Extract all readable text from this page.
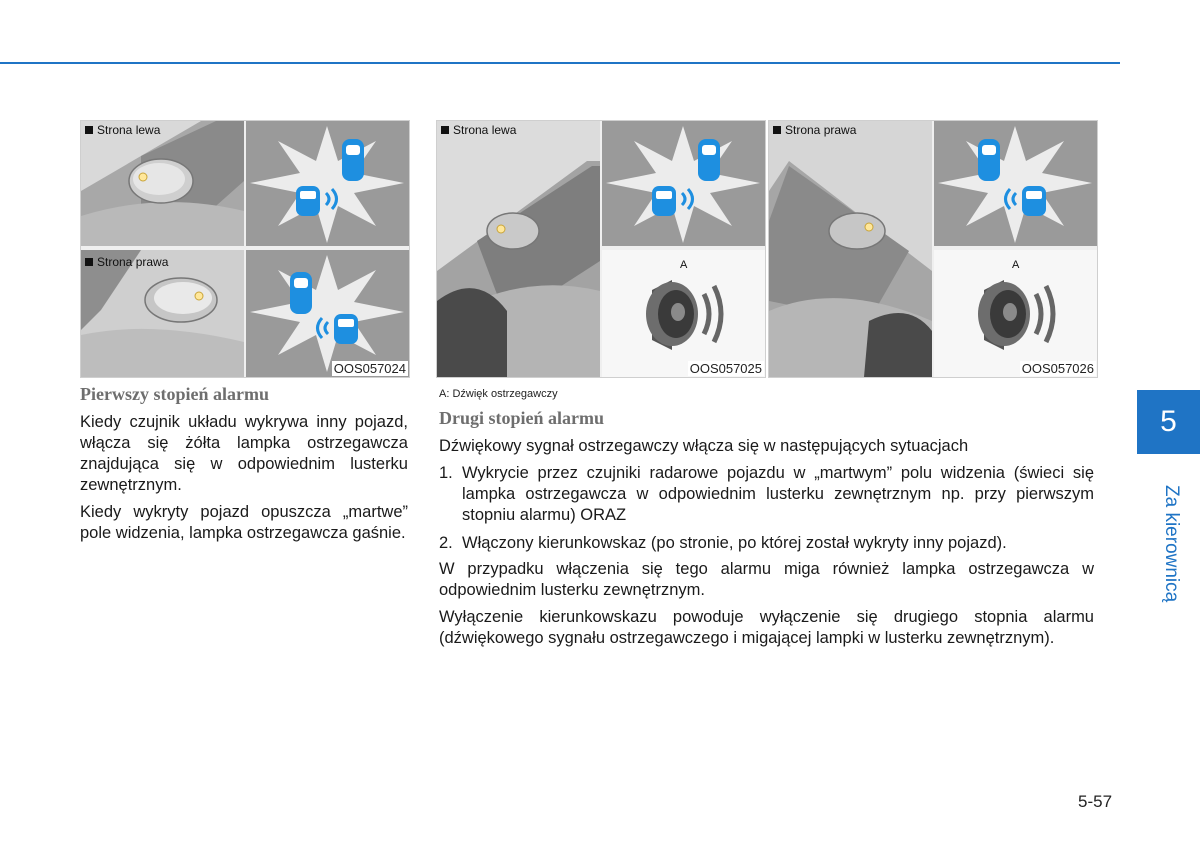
Strona lewa
Strona prawa
OOS057024
Strona lewa
A
OOS057025
Strona prawa
A
OOS057026
A: Dźwięk ostrzegawczy
Pierwszy stopień alarmu

Kiedy czujnik układu wykrywa inny pojazd, włącza się żółta lampka ostrzegawcza znajdująca się w odpowiednim lusterku zewnętrznym.

Kiedy wykryty pojazd opuszcza „martwe” pole widzenia, lampka ostrzegawcza gaśnie.

Drugi stopień alarmu

Dźwiękowy sygnał ostrzegawczy włącza się w następujących sytuacjach

1. Wykrycie przez czujniki radarowe pojazdu w „martwym” polu widzenia (świeci się lampka ostrzegawcza w odpowiednim lusterku zewnętrznym np. przy pierwszym stopniu alarmu) ORAZ
2. Włączony kierunkowskaz (po stronie, po której został wykryty inny pojazd).

W przypadku włączenia się tego alarmu miga również lampka ostrzegawcza w odpowiednim lusterku zewnętrznym.

Wyłączenie kierunkowskazu powoduje wyłączenie się drugiego stopnia alarmu (dźwiękowego sygnału ostrzegawczego i migającej lampki w lusterku zewnętrznym).

5
Za kierownicą
5-57
